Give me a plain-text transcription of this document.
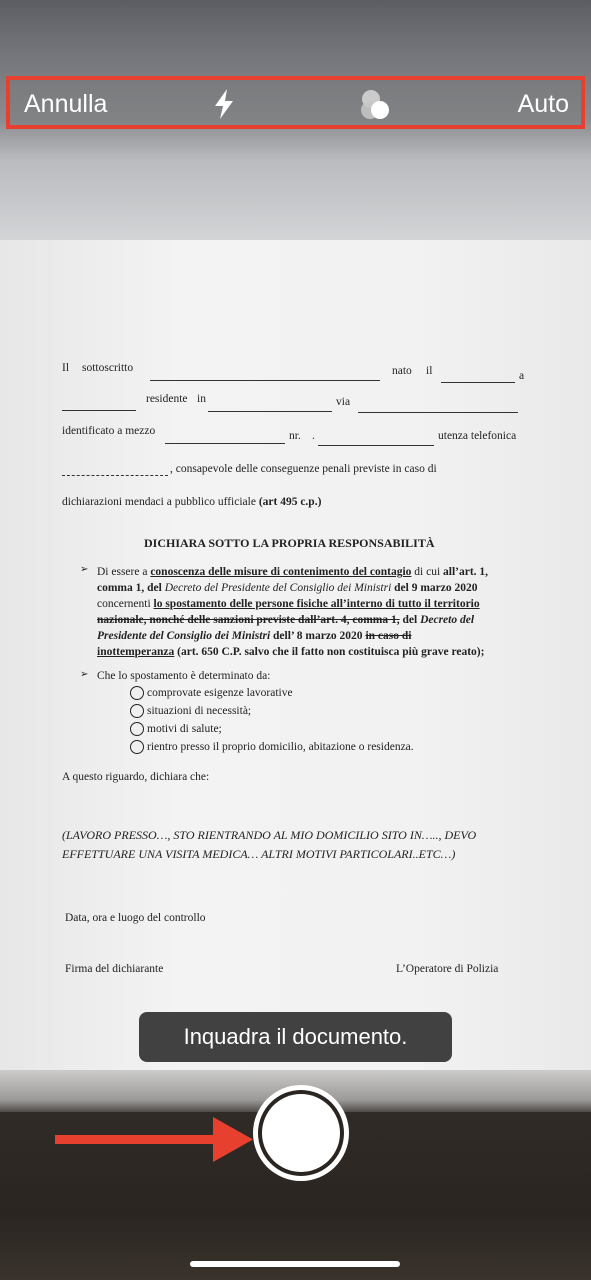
Il sottoscritto	nato il	a
residente in	via
identificato a mezzo	nr. .	utenza telefonica
, consapevole delle conseguenze penali previste in caso di
dichiarazioni mendaci a pubblico ufficiale (art 495 c.p.)
DICHIARA SOTTO LA PROPRIA RESPONSABILITÀ
➢ Di essere a conoscenza delle misure di contenimento del contagio di cui all’art. 1,
comma 1, del Decreto del Presidente del Consiglio dei Ministri del 9 marzo 2020
concernenti lo spostamento delle persone fisiche all’interno di tutto il territorio
nazionale, nonché delle sanzioni previste dall’art. 4, comma 1, del Decreto del
Presidente del Consiglio dei Ministri dell’ 8 marzo 2020 in caso di
inottemperanza (art. 650 C.P. salvo che il fatto non costituisca più grave reato);
➢ Che lo spostamento è determinato da:
comprovate esigenze lavorative
situazioni di necessità;
motivi di salute;
rientro presso il proprio domicilio, abitazione o residenza.
A questo riguardo, dichiara che:
(LAVORO PRESSO…, STO RIENTRANDO AL MIO DOMICILIO SITO IN….., DEVO
EFFETTUARE UNA VISITA MEDICA… ALTRI MOTIVI PARTICOLARI..ETC…)
Data, ora e luogo del controllo
Firma del dichiarante	L’Operatore di Polizia
Annulla	Auto
Inquadra il documento.
